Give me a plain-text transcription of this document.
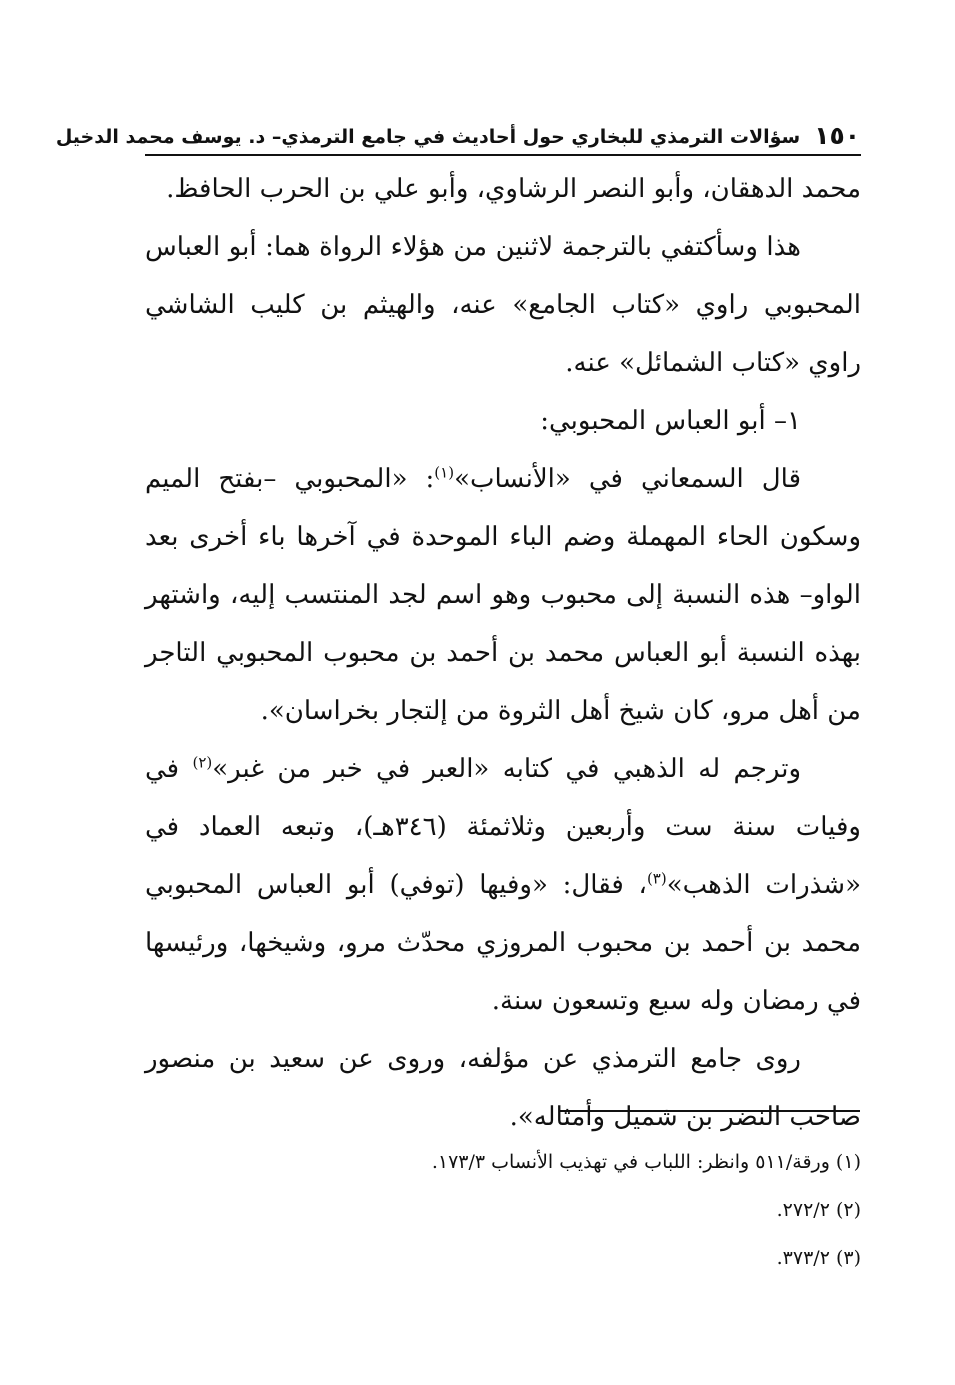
١٥٠
سؤالات الترمذي للبخاري حول أحاديث في جامع الترمذي– د. يوسف محمد الدخيل

محمد الدهقان، وأبو النصر الرشاوي، وأبو علي بن الحرب الحافظ.

هذا وسأكتفي بالترجمة لاثنين من هؤلاء الرواة هما: أبو العباس المحبوبي راوي «كتاب الجامع» عنه، والهيثم بن كليب الشاشي راوي «كتاب الشمائل» عنه.

١– أبو العباس المحبوبي:

قال السمعاني في «الأنساب»$^{(١)}$: «المحبوبي –بفتح الميم وسكون الحاء المهملة وضم الباء الموحدة في آخرها باء أخرى بعد الواو– هذه النسبة إلى محبوب وهو اسم لجد المنتسب إليه، واشتهر بهذه النسبة أبو العباس محمد بن أحمد بن محبوب المحبوبي التاجر من أهل مرو، كان شيخ أهل الثروة من إلتجار بخراسان».

وترجم له الذهبي في كتابه «العبر في خبر من غبر»$^{(٢)}$ في وفيات سنة ست وأربعين وثلاثمئة (٣٤٦هـ)، وتبعه العماد في «شذرات الذهب»$^{(٣)}$، فقال: «وفيها (توفي) أبو العباس المحبوبي محمد بن أحمد بن محبوب المروزي محدّث مرو، وشيخها، ورئيسها في رمضان وله سبع وتسعون سنة.

روى جامع الترمذي عن مؤلفه، وروى عن سعيد بن منصور صاحب النضر بن شميل وأمثاله».

(١) ورقة/٥١١ وانظر: اللباب في تهذيب الأنساب ١٧٣/٣.
(٢) ٢٧٢/٢.
(٣) ٣٧٣/٢.
